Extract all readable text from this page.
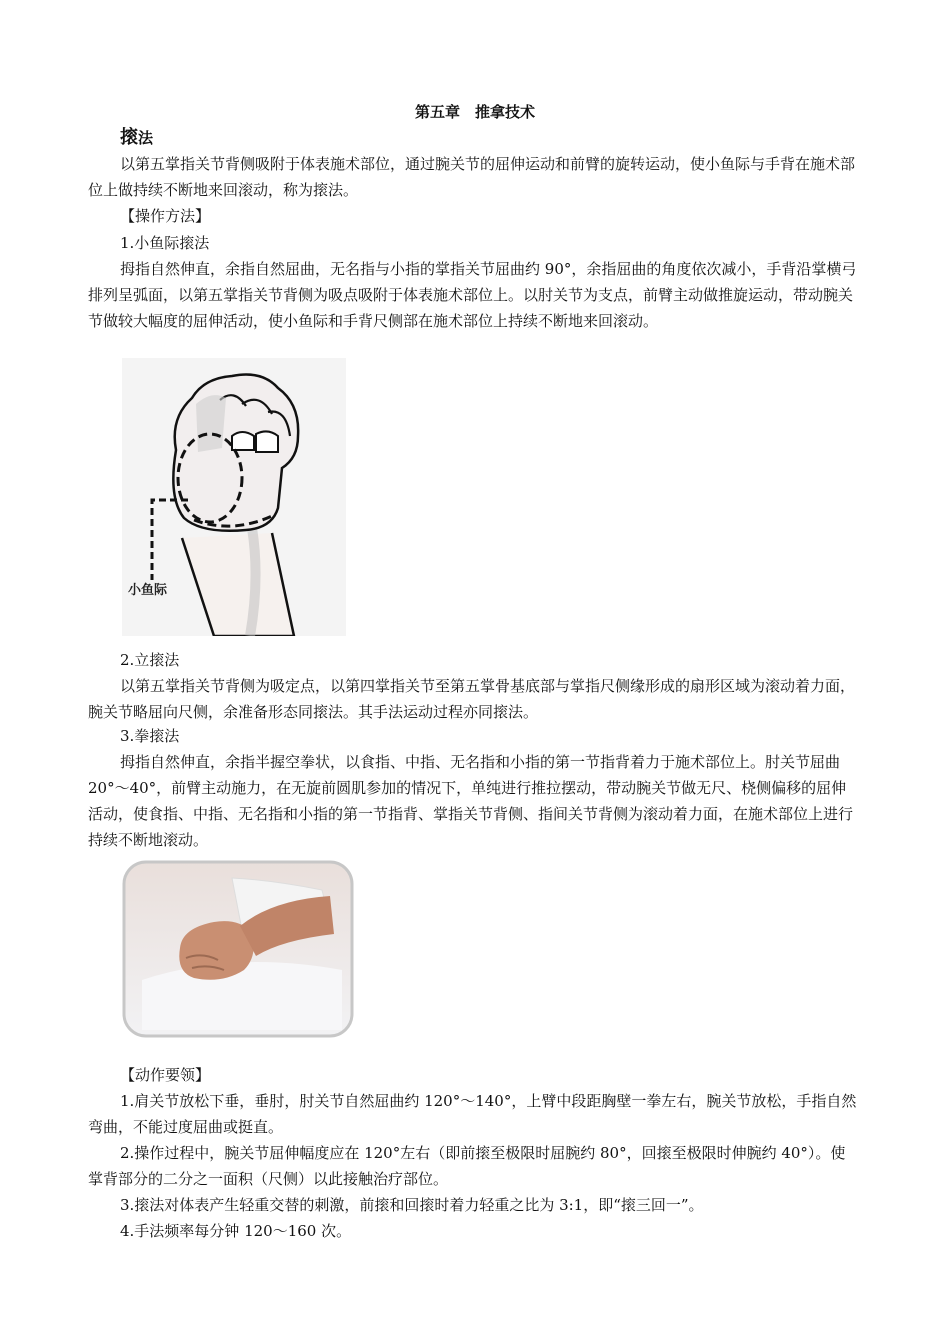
第五章　推拿技术
㨰法
以第五掌指关节背侧吸附于体表施术部位，通过腕关节的屈伸运动和前臂的旋转运动，使小鱼际与手背在施术部位上做持续不断地来回滚动，称为㨰法。
【操作方法】
1.小鱼际㨰法
拇指自然伸直，余指自然屈曲，无名指与小指的掌指关节屈曲约 90°，余指屈曲的角度依次减小，手背沿掌横弓排列呈弧面，以第五掌指关节背侧为吸点吸附于体表施术部位上。以肘关节为支点，前臂主动做推旋运动，带动腕关节做较大幅度的屈伸活动，使小鱼际和手背尺侧部在施术部位上持续不断地来回滚动。
小鱼际
2.立㨰法
以第五掌指关节背侧为吸定点，以第四掌指关节至第五掌骨基底部与掌指尺侧缘形成的扇形区域为滚动着力面，腕关节略屈向尺侧，余准备形态同㨰法。其手法运动过程亦同㨰法。
3.拳㨰法
拇指自然伸直，余指半握空拳状，以食指、中指、无名指和小指的第一节指背着力于施术部位上。肘关节屈曲 20°～40°，前臂主动施力，在无旋前圆肌参加的情况下，单纯进行推拉摆动，带动腕关节做无尺、桡侧偏移的屈伸活动，使食指、中指、无名指和小指的第一节指背、掌指关节背侧、指间关节背侧为滚动着力面，在施术部位上进行持续不断地滚动。
【动作要领】
1.肩关节放松下垂，垂肘，肘关节自然屈曲约 120°～140°，上臂中段距胸壁一拳左右，腕关节放松，手指自然弯曲，不能过度屈曲或挺直。
2.操作过程中，腕关节屈伸幅度应在 120°左右（即前㨰至极限时屈腕约 80°，回㨰至极限时伸腕约 40°）。使掌背部分的二分之一面积（尺侧）以此接触治疗部位。
3.㨰法对体表产生轻重交替的刺激，前㨰和回㨰时着力轻重之比为 3:1，即“㨰三回一”。
4.手法频率每分钟 120～160 次。
